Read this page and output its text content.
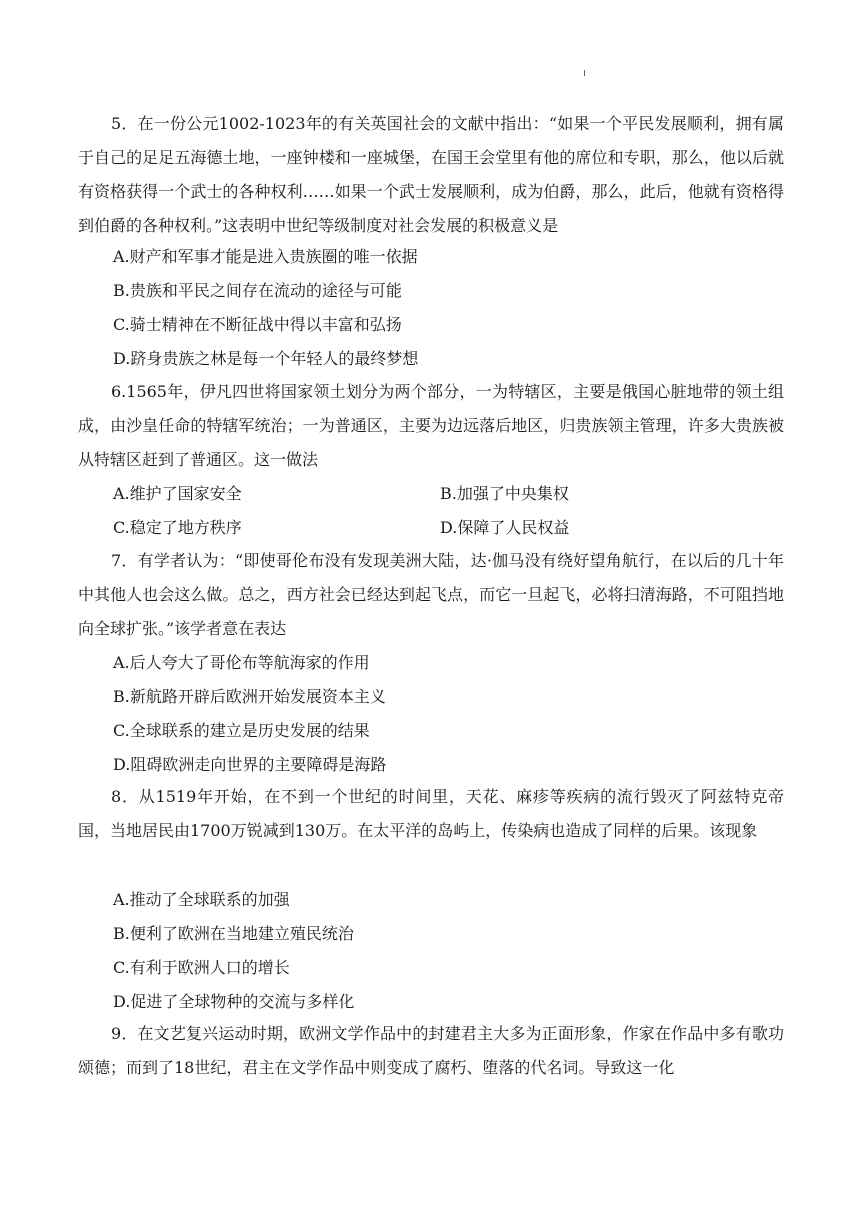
5．在一份公元1002-1023年的有关英国社会的文献中指出：“如果一个平民发展顺利，拥有属于自己的足足五海德土地，一座钟楼和一座城堡，在国王会堂里有他的席位和专职，那么，他以后就有资格获得一个武士的各种权利……如果一个武士发展顺利，成为伯爵，那么，此后，他就有资格得到伯爵的各种权利。”这表明中世纪等级制度对社会发展的积极意义是

A.财产和军事才能是进入贵族圈的唯一依据
B.贵族和平民之间存在流动的途径与可能
C.骑士精神在不断征战中得以丰富和弘扬
D.跻身贵族之林是每一个年轻人的最终梦想

6.1565年，伊凡四世将国家领土划分为两个部分，一为特辖区，主要是俄国心脏地带的领土组成，由沙皇任命的特辖军统治；一为普通区，主要为边远落后地区，归贵族领主管理，许多大贵族被从特辖区赶到了普通区。这一做法

A.维护了国家安全	B.加强了中央集权
C.稳定了地方秩序	D.保障了人民权益

7．有学者认为：“即使哥伦布没有发现美洲大陆，达·伽马没有绕好望角航行，在以后的几十年中其他人也会这么做。总之，西方社会已经达到起飞点，而它一旦起飞，必将扫清海路，不可阻挡地向全球扩张。”该学者意在表达

A.后人夸大了哥伦布等航海家的作用
B.新航路开辟后欧洲开始发展资本主义
C.全球联系的建立是历史发展的结果
D.阻碍欧洲走向世界的主要障碍是海路

8．从1519年开始，在不到一个世纪的时间里，天花、麻疹等疾病的流行毁灭了阿兹特克帝国，当地居民由1700万锐减到130万。在太平洋的岛屿上，传染病也造成了同样的后果。该现象

A.推动了全球联系的加强
B.便利了欧洲在当地建立殖民统治
C.有利于欧洲人口的增长
D.促进了全球物种的交流与多样化

9．在文艺复兴运动时期，欧洲文学作品中的封建君主大多为正面形象，作家在作品中多有歌功颂德；而到了18世纪，君主在文学作品中则变成了腐朽、堕落的代名词。导致这一化
